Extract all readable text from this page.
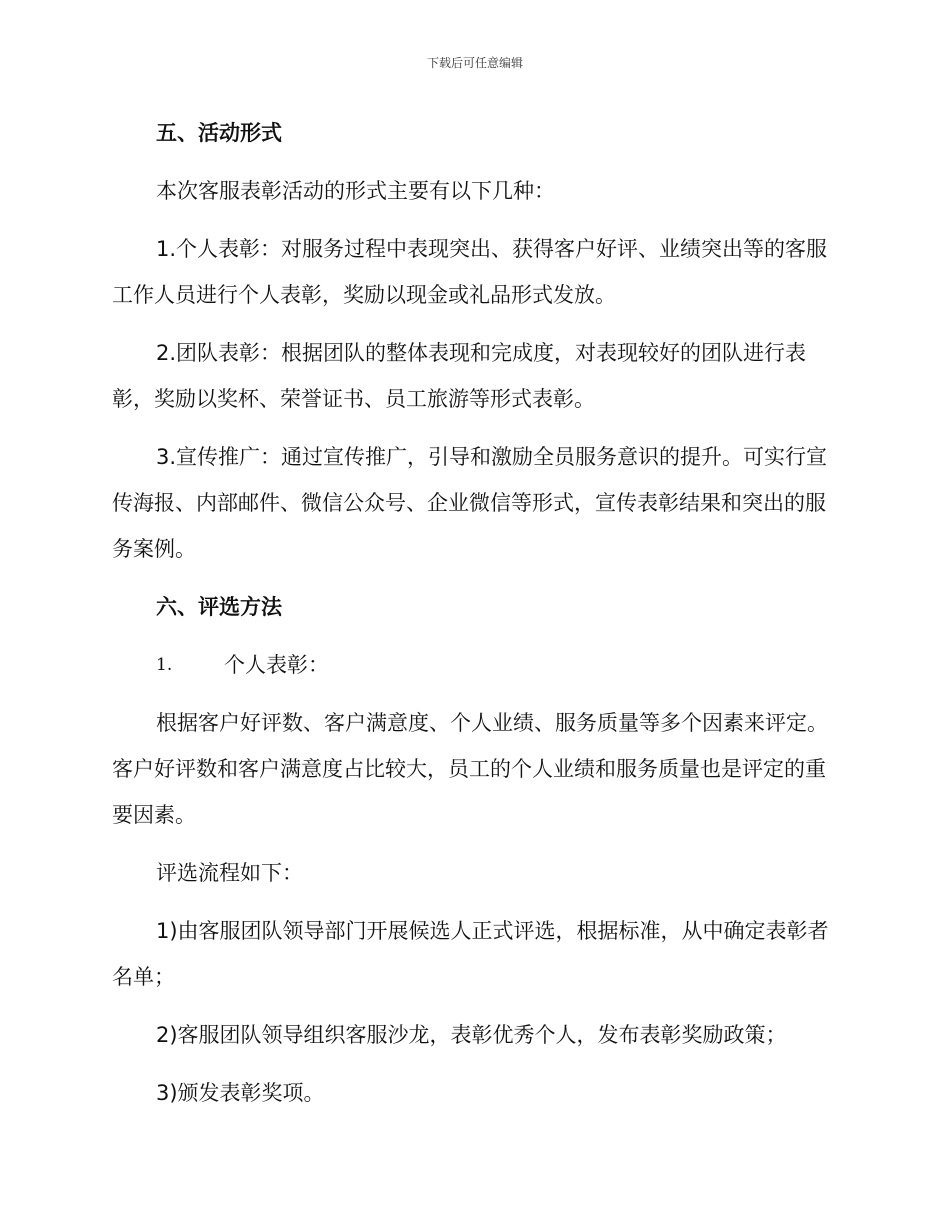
下载后可任意编辑
五、活动形式

本次客服表彰活动的形式主要有以下几种：

1.个人表彰：对服务过程中表现突出、获得客户好评、业绩突出等的客服工作人员进行个人表彰，奖励以现金或礼品形式发放。

2.团队表彰：根据团队的整体表现和完成度，对表现较好的团队进行表彰，奖励以奖杯、荣誉证书、员工旅游等形式表彰。

3.宣传推广：通过宣传推广，引导和激励全员服务意识的提升。可实行宣传海报、内部邮件、微信公众号、企业微信等形式，宣传表彰结果和突出的服务案例。

六、评选方法
1.	个人表彰：

根据客户好评数、客户满意度、个人业绩、服务质量等多个因素来评定。客户好评数和客户满意度占比较大，员工的个人业绩和服务质量也是评定的重要因素。

评选流程如下：

1)由客服团队领导部门开展候选人正式评选，根据标准，从中确定表彰者名单；

2)客服团队领导组织客服沙龙，表彰优秀个人，发布表彰奖励政策；

3)颁发表彰奖项。
